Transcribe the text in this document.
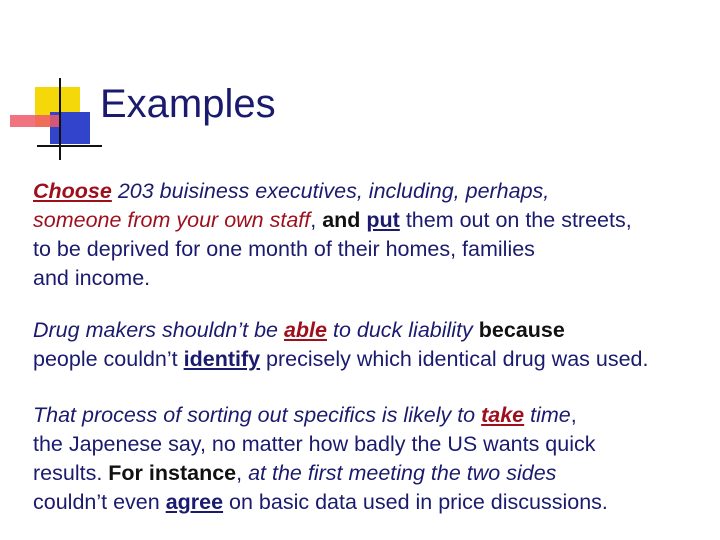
Examples
Choose 203 buisiness executives, including, perhaps,
someone from your own staff, and put them out on the streets,
to be deprived for one month of their homes, families
and income.
Drug makers shouldn’t be able to duck liability because
people couldn’t identify precisely which identical drug was used.
That process of sorting out specifics is likely to take time,
the Japenese say, no matter how badly the US wants quick
results. For instance, at the first meeting the two sides
couldn’t even agree on basic data used in price discussions.
